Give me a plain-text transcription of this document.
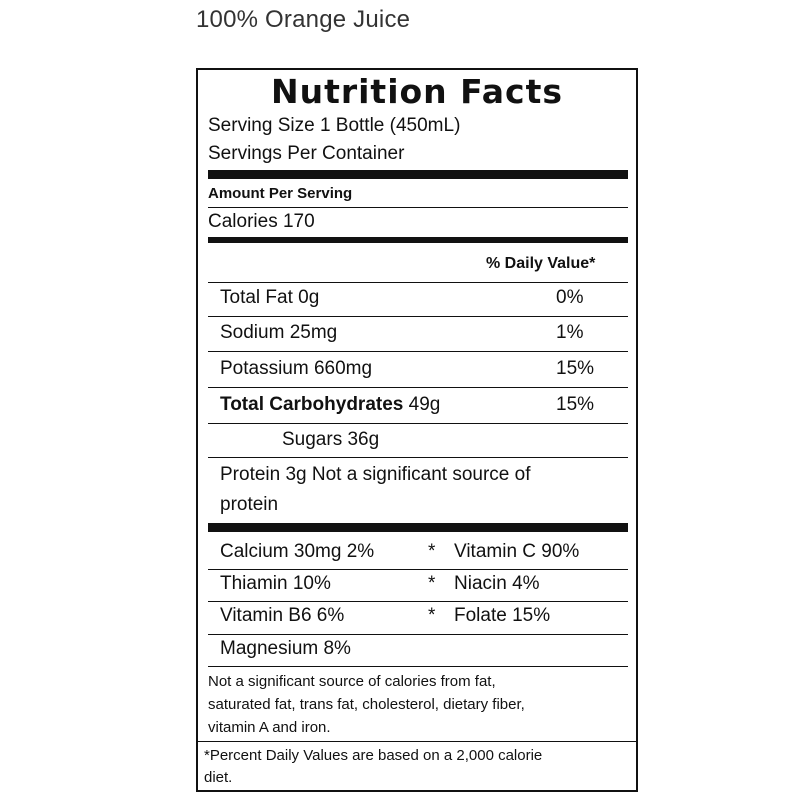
100% Orange Juice
Nutrition Facts
Serving Size 1 Bottle (450mL)
Servings Per Container
Amount Per Serving
Calories 170
% Daily Value*
Total Fat 0g	0%
Sodium 25mg	1%
Potassium 660mg	15%
Total Carbohydrates 49g	15%
Sugars 36g
Protein 3g Not a significant source of
protein
Calcium 30mg 2%	* Vitamin C 90%
Thiamin 10%	* Niacin 4%
Vitamin B6 6%	* Folate 15%
Magnesium 8%
Not a significant source of calories from fat,
saturated fat, trans fat, cholesterol, dietary fiber,
vitamin A and iron.
*Percent Daily Values are based on a 2,000 calorie
diet.
